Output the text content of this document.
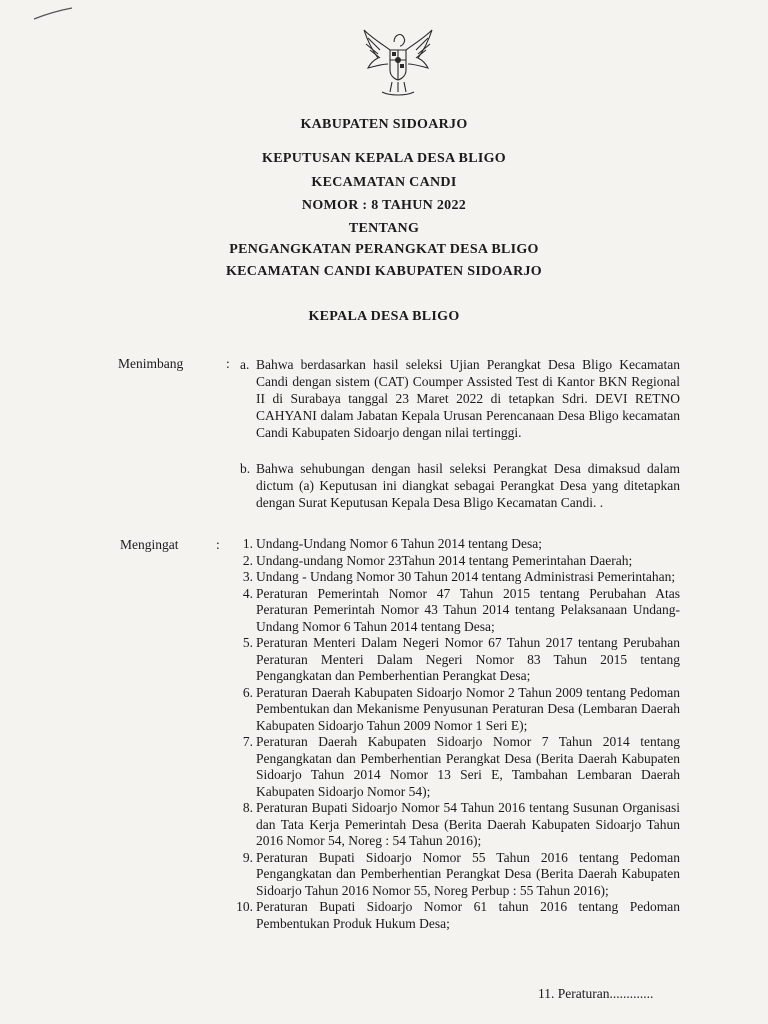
KABUPATEN SIDOARJO
KEPUTUSAN KEPALA DESA BLIGO
KECAMATAN CANDI
NOMOR : 8 TAHUN 2022
TENTANG
PENGANGKATAN PERANGKAT DESA BLIGO
KECAMATAN CANDI KABUPATEN SIDOARJO
KEPALA DESA BLIGO
Menimbang	: a. Bahwa berdasarkan hasil seleksi Ujian Perangkat Desa Bligo Kecamatan Candi dengan sistem (CAT) Coumper Assisted Test di Kantor BKN Regional II di Surabaya tanggal 23 Maret 2022 di tetapkan Sdri. DEVI RETNO CAHYANI dalam Jabatan Kepala Urusan Perencanaan Desa Bligo kecamatan Candi Kabupaten Sidoarjo dengan nilai tertinggi.
b. Bahwa sehubungan dengan hasil seleksi Perangkat Desa dimaksud dalam dictum (a) Keputusan ini diangkat sebagai Perangkat Desa yang ditetapkan dengan Surat Keputusan Kepala Desa Bligo Kecamatan Candi. .
Mengingat	: 1. Undang-Undang Nomor 6 Tahun 2014 tentang Desa;
2. Undang-undang Nomor 23Tahun 2014 tentang Pemerintahan Daerah;
3. Undang - Undang Nomor 30 Tahun 2014 tentang Administrasi Pemerintahan;
4. Peraturan Pemerintah Nomor 47 Tahun 2015 tentang Perubahan Atas Peraturan Pemerintah Nomor 43 Tahun 2014 tentang Pelaksanaan Undang-Undang Nomor 6 Tahun 2014 tentang Desa;
5. Peraturan Menteri Dalam Negeri Nomor 67 Tahun 2017 tentang Perubahan Peraturan Menteri Dalam Negeri Nomor 83 Tahun 2015 tentang Pengangkatan dan Pemberhentian Perangkat Desa;
6. Peraturan Daerah Kabupaten Sidoarjo Nomor 2 Tahun 2009 tentang Pedoman Pembentukan dan Mekanisme Penyusunan Peraturan Desa (Lembaran Daerah Kabupaten Sidoarjo Tahun 2009 Nomor 1 Seri E);
7. Peraturan Daerah Kabupaten Sidoarjo Nomor 7 Tahun 2014 tentang Pengangkatan dan Pemberhentian Perangkat Desa (Berita Daerah Kabupaten Sidoarjo Tahun 2014 Nomor 13 Seri E, Tambahan Lembaran Daerah Kabupaten Sidoarjo Nomor 54);
8. Peraturan Bupati Sidoarjo Nomor 54 Tahun 2016 tentang Susunan Organisasi dan Tata Kerja Pemerintah Desa (Berita Daerah Kabupaten Sidoarjo Tahun 2016 Nomor 54, Noreg : 54 Tahun 2016);
9. Peraturan Bupati Sidoarjo Nomor 55 Tahun 2016 tentang Pedoman Pengangkatan dan Pemberhentian Perangkat Desa (Berita Daerah Kabupaten Sidoarjo Tahun 2016 Nomor 55, Noreg Perbup : 55 Tahun 2016);
10. Peraturan Bupati Sidoarjo Nomor 61 tahun 2016 tentang Pedoman Pembentukan Produk Hukum Desa;
11. Peraturan.............
